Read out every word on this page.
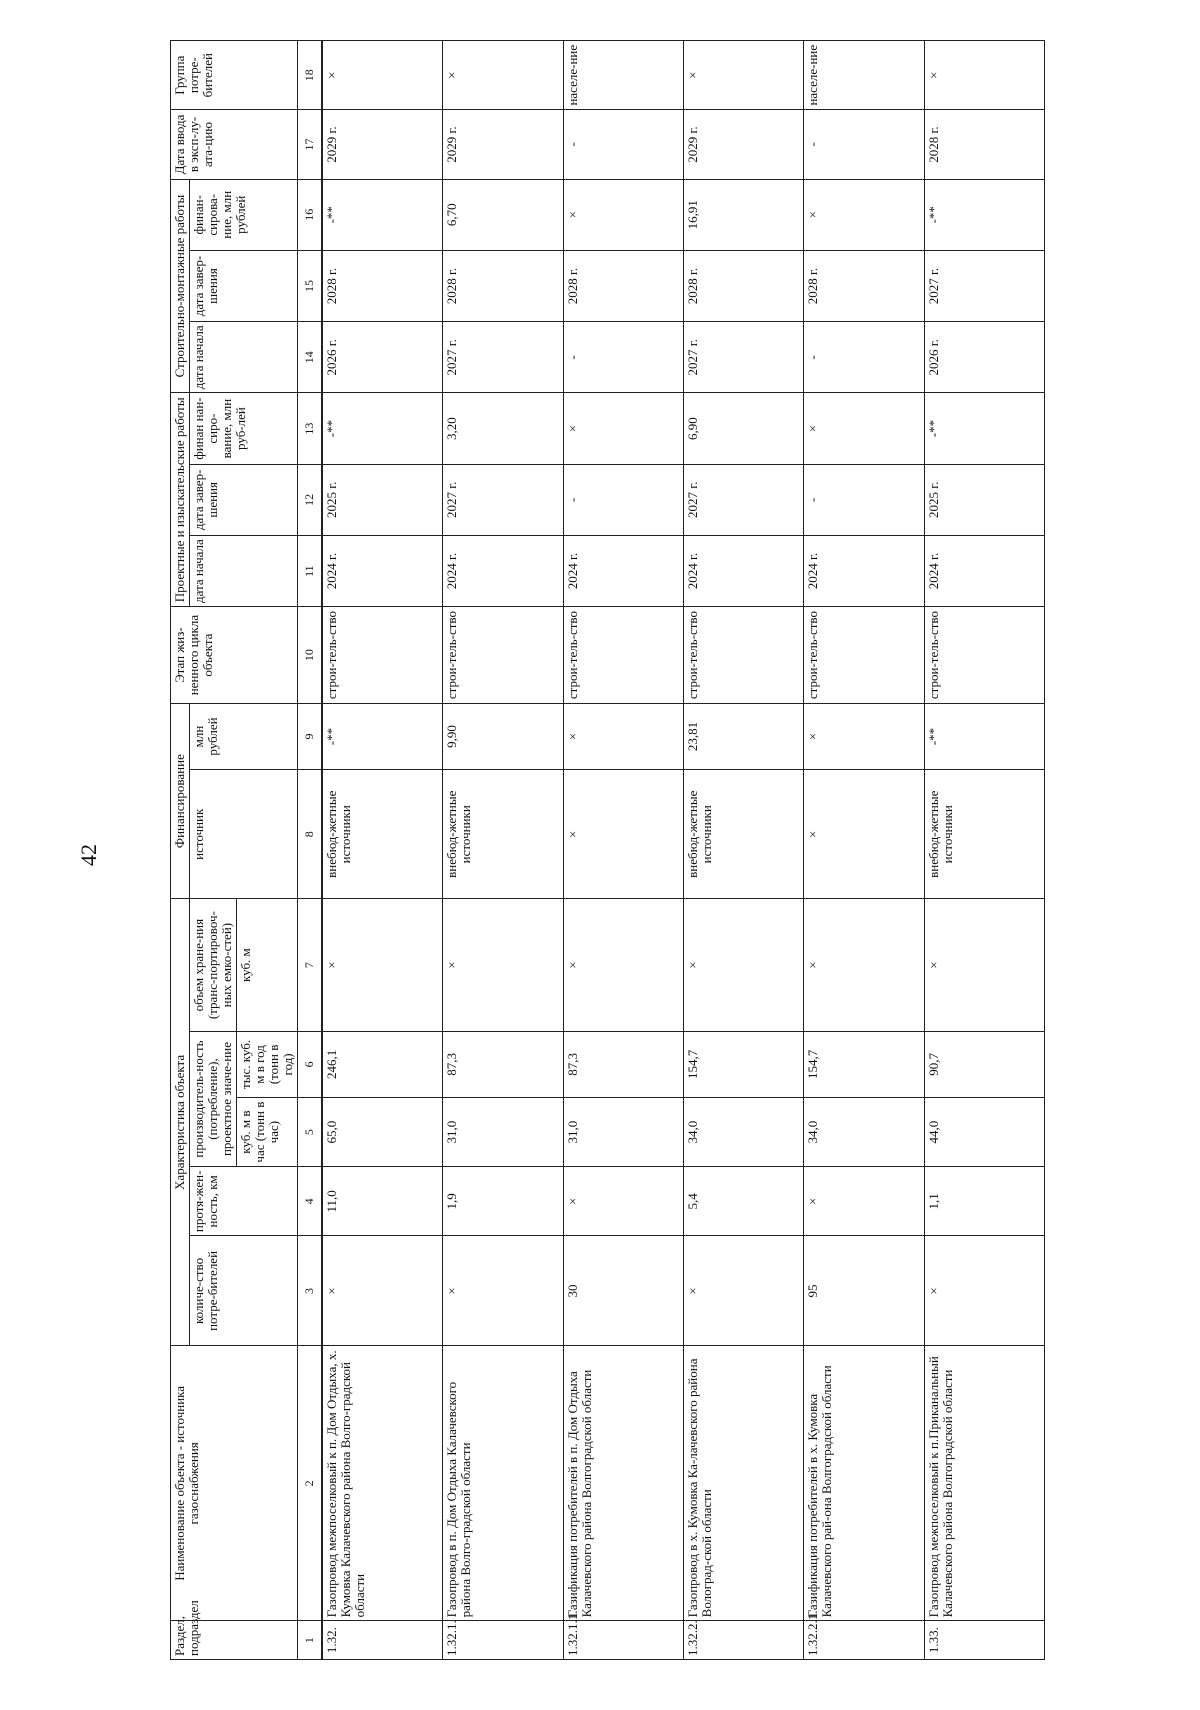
42
Раздел, подраздел	Наименование объекта - источника газоснабжения	Характеристика объекта					Финансирование		Этап жиз-ненного цикла объекта	Проектные и изыскательские работы			Строительно-монтажные работы			Дата ввода в эксп-лу-ата-цию	Группа потре-бителей
		количе-ство потре-бителей	протя-жен-ность, км	производитель-ность (потребление), проектное значе-ние		объем хранe-ния (транс-портировоч-ных емко-стей)	источник	млн рублей		дата начала	дата завер-шения	финан нан-сиро-вание, млн руб-лей	дата начала	дата завер-шения	финан-сирова-ние, млн рублей		
				куб. м в час (тонн в час)	тыс. куб. м в год (тонн в год)	куб. м											
1	2	3	4	5	6	7	8	9	10	11	12	13	14	15	16	17	18
1.32.	Газопровод межпоселковый к п. Дом Отдыха, х. Кумовка Калачевского района Волго-градской области	×	11,0	65,0	246,1	×	внебюд-жетные источники	-**	строи-тель-ство	2024 г.	2025 г.	-**	2026 г.	2028 г.	-**	2029 г.	×
1.32.1.	Газопровод в п. Дом Отдыха Калачевского района Волго-градской области	×	1,9	31,0	87,3	×	внебюд-жетные источники	9,90	строи-тель-ство	2024 г.	2027 г.	3,20	2027 г.	2028 г.	6,70	2029 г.	×
1.32.1.1.	Газификация потребителей в п. Дом Отдыха Калачевского района Волгоградской области	30	×	31,0	87,3	×	×	×	строи-тель-ство	2024 г.	-	×	-	2028 г.	×	-	населе-ние
1.32.2.	Газопровод в х. Кумовка Ка-лачевского района Волоград-ской области	×	5,4	34,0	154,7	×	внебюд-жетные источники	23,81	строи-тель-ство	2024 г.	2027 г.	6,90	2027 г.	2028 г.	16,91	2029 г.	×
1.32.2.1.	Газификация потребителей в х. Кумовка Калачевского рай-она Волгоградской области	95	×	34,0	154,7	×	×	×	строи-тель-ство	2024 г.	-	×	-	2028 г.	×	-	населе-ние
1.33.	Газопровод межпоселковый к п.Приканальный Калачевского района Волгоградской области	×	1,1	44,0	90,7	×	внебюд-жетные источники	-**	строи-тель-ство	2024 г.	2025 г.	-**	2026 г.	2027 г.	-**	2028 г.	×
